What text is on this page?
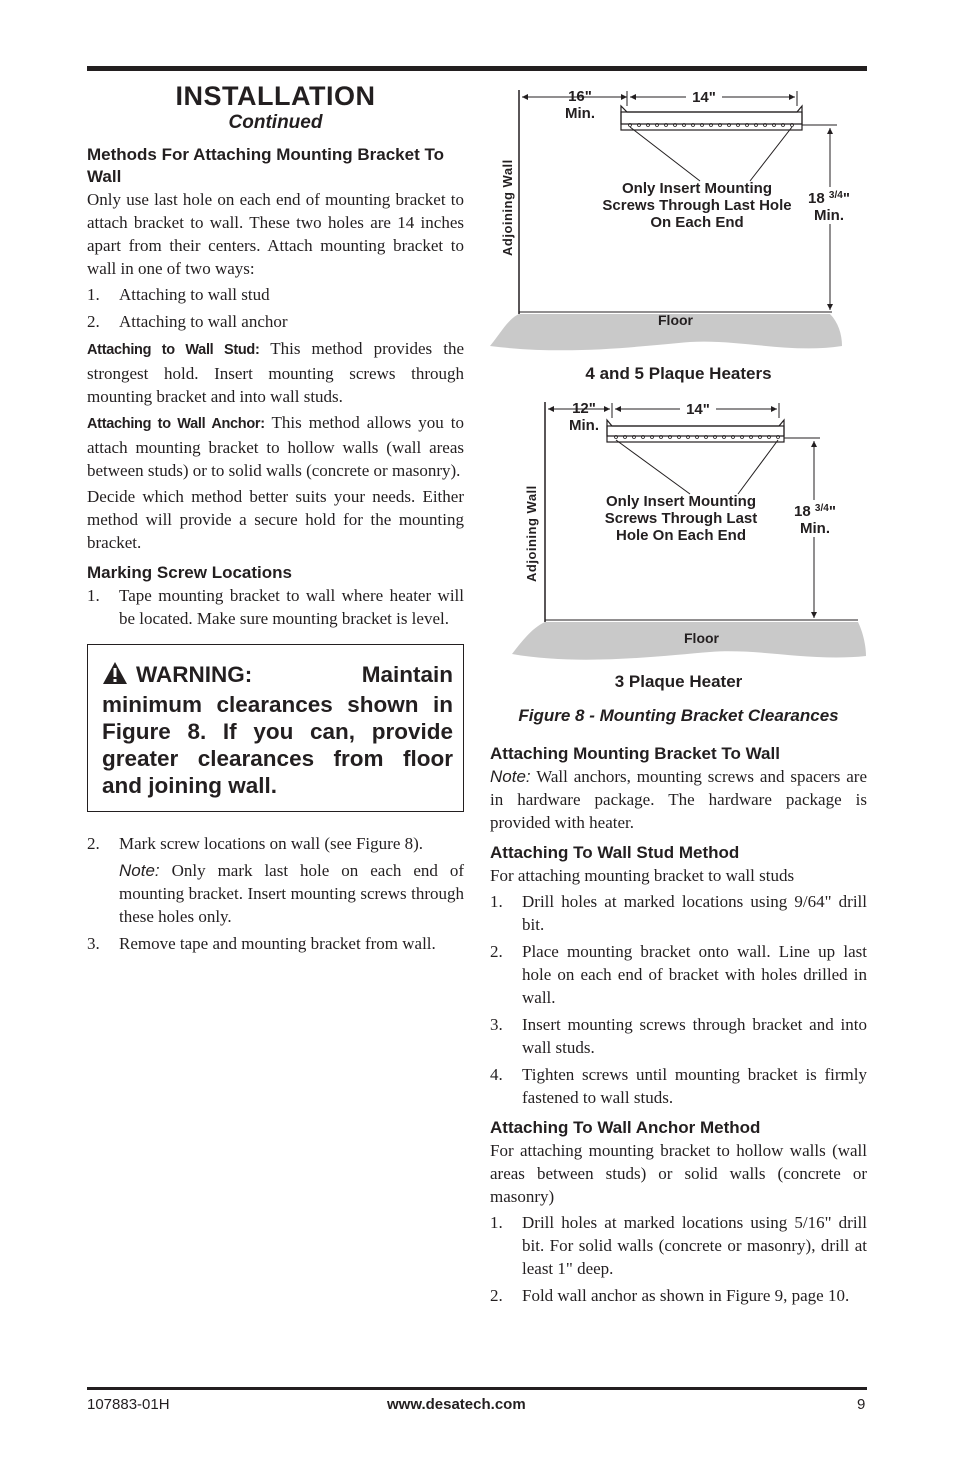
INSTALLATION
Continued
Methods For Attaching Mounting Bracket To Wall

Only use last hole on each end of mounting bracket to attach bracket to wall. These two holes are 14 inches apart from their centers. Attach mounting bracket to wall in one of two ways:

1. Attaching to wall stud
2. Attaching to wall anchor

Attaching to Wall Stud: This method provides the strongest hold. Insert mounting screws through mounting bracket and into wall studs.

Attaching to Wall Anchor: This method allows you to attach mounting bracket to hollow walls (wall areas between studs) or to solid walls (concrete or masonry).

Decide which method better suits your needs. Either method will provide a secure hold for the mounting bracket.

Marking Screw Locations
1. Tape mounting bracket to wall where heater will be located. Make sure mounting bracket is level.

WARNING: Maintain minimum clearances shown in Figure 8. If you can, provide greater clearances from floor and joining wall.

2. Mark screw locations on wall (see Figure 8).
Note: Only mark last hole on each end of mounting bracket. Insert mounting screws through these holes only.
3. Remove tape and mounting bracket from wall.
16"
Min.
14"
Only Insert Mounting Screws Through Last Hole On Each End
18 $^{3/4}$"
Min.
Adjoining Wall
Floor
4 and 5 Plaque Heaters
12"
Min.
14"
Only Insert Mounting Screws Through Last Hole On Each End
18 $^{3/4}$"
Min.
Adjoining Wall
Floor
3 Plaque Heater
Figure 8 - Mounting Bracket Clearances
Attaching Mounting Bracket To Wall

Note: Wall anchors, mounting screws and spacers are in hardware package. The hardware package is provided with heater.

Attaching To Wall Stud Method

For attaching mounting bracket to wall studs

1. Drill holes at marked locations using 9/64" drill bit.
2. Place mounting bracket onto wall. Line up last hole on each end of bracket with holes drilled in wall.
3. Insert mounting screws through bracket and into wall studs.
4. Tighten screws until mounting bracket is firmly fastened to wall studs.
Attaching To Wall Anchor Method

For attaching mounting bracket to hollow walls (wall areas between studs) or solid walls (concrete or masonry)

1. Drill holes at marked locations using 5/16" drill bit. For solid walls (concrete or masonry), drill at least 1" deep.
2. Fold wall anchor as shown in Figure 9, page 10.
107883-01H	www.desatech.com	9
